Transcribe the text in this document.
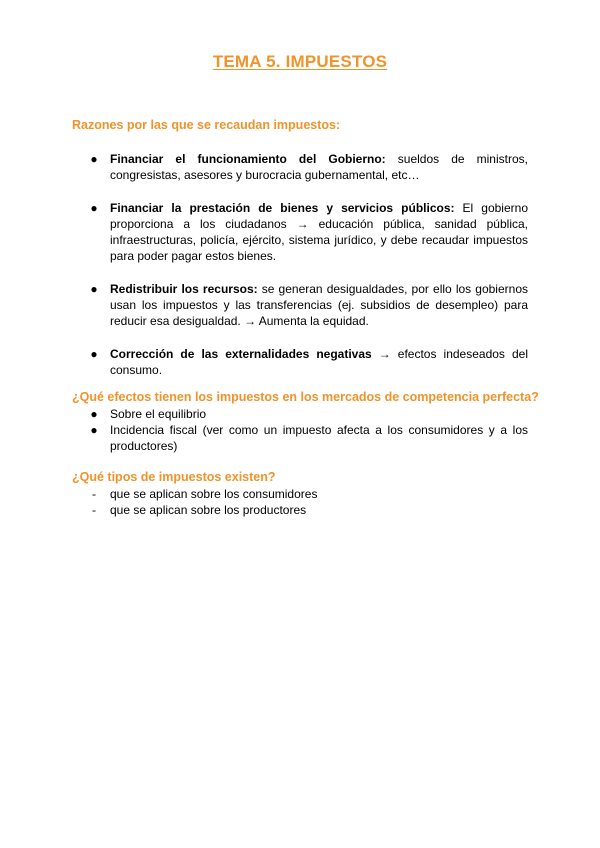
TEMA 5. IMPUESTOS
Razones por las que se recaudan impuestos:
● Financiar el funcionamiento del Gobierno: sueldos de ministros, congresistas, asesores y burocracia gubernamental, etc…
● Financiar la prestación de bienes y servicios públicos: El gobierno proporciona a los ciudadanos → educación pública, sanidad pública, infraestructuras, policía, ejército, sistema jurídico, y debe recaudar impuestos para poder pagar estos bienes.
● Redistribuir los recursos: se generan desigualdades, por ello los gobiernos usan los impuestos y las transferencias (ej. subsidios de desempleo) para reducir esa desigualdad. → Aumenta la equidad.
● Corrección de las externalidades negativas → efectos indeseados del consumo.
¿Qué efectos tienen los impuestos en los mercados de competencia perfecta?
● Sobre el equilibrio
● Incidencia fiscal (ver como un impuesto afecta a los consumidores y a los productores)
¿Qué tipos de impuestos existen?
- que se aplican sobre los consumidores
- que se aplican sobre los productores
